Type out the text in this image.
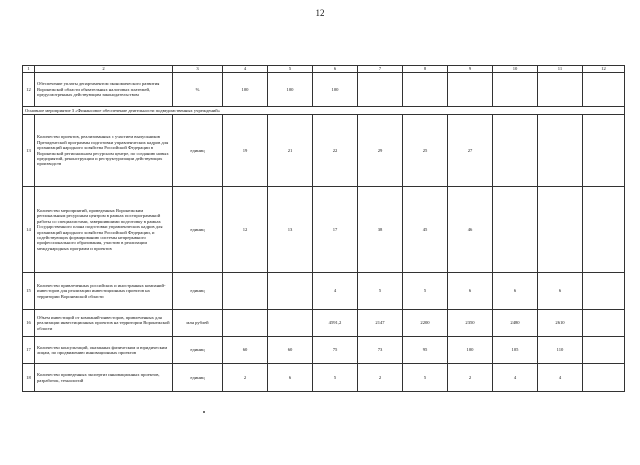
12
1	2	3	4	5	6	7	8	9	10	11	12
12	Обеспечение уплаты департаментом экономического развития Воронежской области обязательных налоговых платежей, предусмотренных действующим законодательством	%	100	100	100						
Основное мероприятие 3 «Финансовое обеспечение деятельности подведомственных учреждений»											
13	Количество проектов, реализованных с участием выпускников Президентской программы подготовки управленческих кадров для организаций народного хозяйства Российской Федерации в Воронежской региональном ресурсном центре, по созданию новых предприятий, реконструкции и реструктуризации действующих производств	единиц	19	21	22	29	25	27			
14	Количество мероприятий, проведенных Воронежским региональным ресурсным центром в рамках постпрограммной работы со специалистами, завершившими подготовку в рамках Государственного плана подготовки управленческих кадров для организаций народного хозяйства Российской Федерации, и содействующих формированию системы непрерывного профессионального образования, участию в реализации международных программ и проектов	единиц	12	13	17	38	45	46			
15	Количество привлеченных российских и иностранных компаний-инвесторов для реализации инвестиционных проектов на территории Воронежской области	единиц			4	5	5	6	6	6	
16	Объем инвестиций от компаний-инвесторов, привлеченных для реализации инвестиционных проектов на территории Воронежской области	млн рублей			4591,2	2147	2200	2350	2480	2610	
17	Количество консультаций, оказанных физическим и юридическим лицам, по продвижению инновационных проектов	единиц	60	60	75	73	95	100	105	110	
18	Количество проведенных экспертиз инновационных проектов, разработок, технологий	единиц	2	6	5	2	5	2	4	4	
